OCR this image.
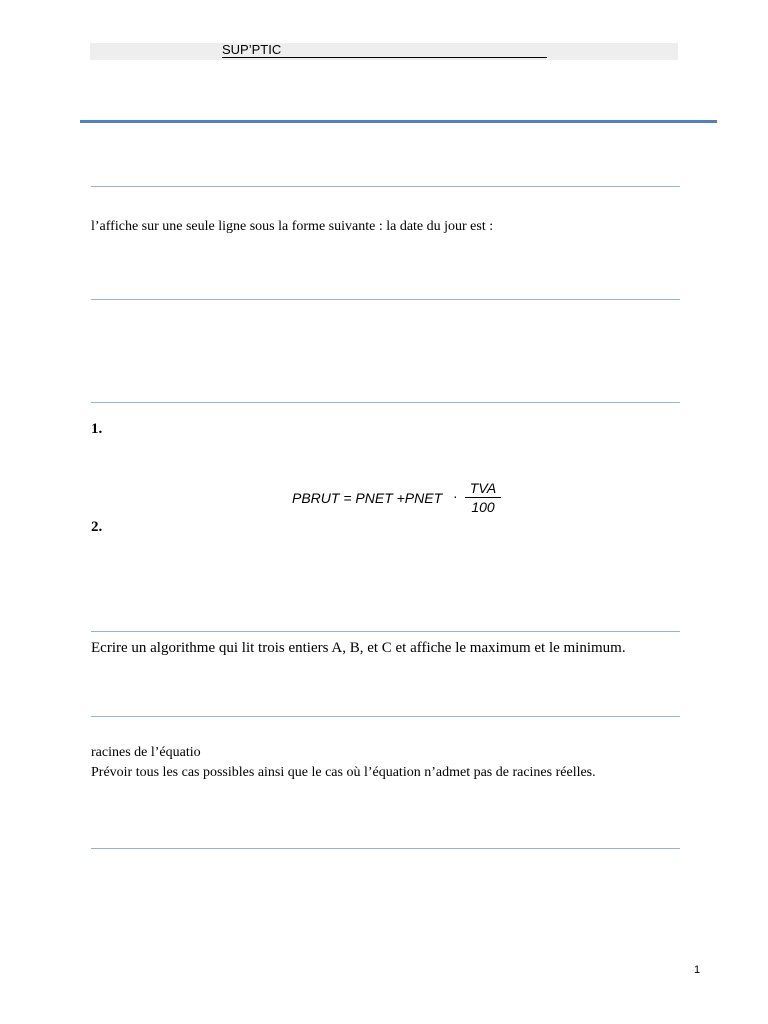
SUP’PTIC
l’affiche sur une seule ligne sous la forme suivante : la date du jour est :
1.
PBRUT = PNET +PNET · TVA
100
2.
Ecrire un algorithme qui lit trois entiers A, B, et C et affiche le maximum et le minimum.
racines de l’équatio
Prévoir tous les cas possibles ainsi que le cas où l’équation n’admet pas de racines réelles.
1
